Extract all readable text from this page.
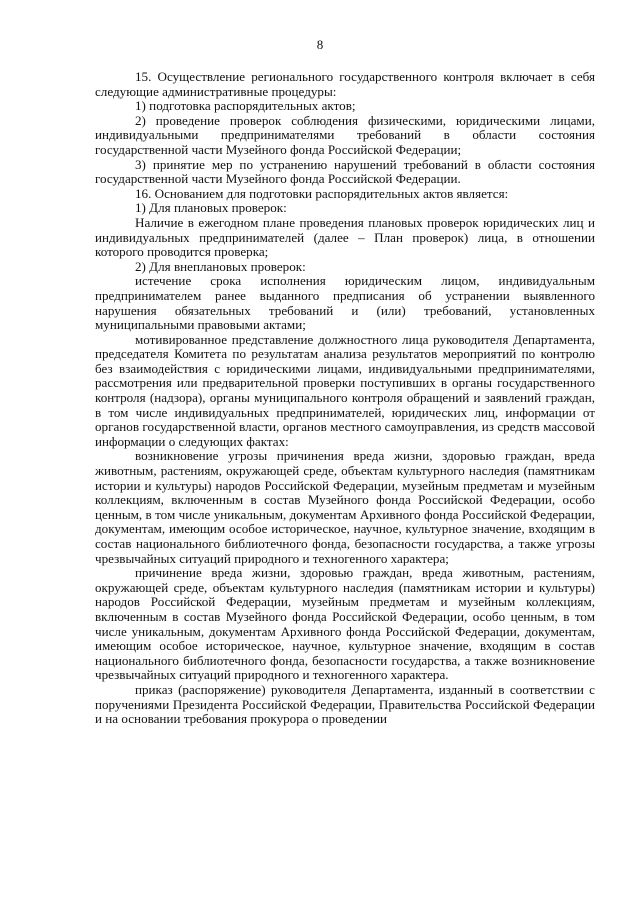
8

15. Осуществление регионального государственного контроля включает в себя следующие административные процедуры:

1) подготовка распорядительных актов;

2) проведение проверок соблюдения физическими, юридическими лицами, индивидуальными предпринимателями требований в области состояния государственной части Музейного фонда Российской Федерации;

3) принятие мер по устранению нарушений требований в области состояния государственной части Музейного фонда Российской Федерации.

16. Основанием для подготовки распорядительных актов является:

1) Для плановых проверок:

Наличие в ежегодном плане проведения плановых проверок юридических лиц и индивидуальных предпринимателей (далее – План проверок) лица, в отношении которого проводится проверка;

2) Для внеплановых проверок:

истечение срока исполнения юридическим лицом, индивидуальным предпринимателем ранее выданного предписания об устранении выявленного нарушения обязательных требований и (или) требований, установленных муниципальными правовыми актами;

мотивированное представление должностного лица руководителя Департамента, председателя Комитета по результатам анализа результатов мероприятий по контролю без взаимодействия с юридическими лицами, индивидуальными предпринимателями, рассмотрения или предварительной проверки поступивших в органы государственного контроля (надзора), органы муниципального контроля обращений и заявлений граждан, в том числе индивидуальных предпринимателей, юридических лиц, информации от органов государственной власти, органов местного самоуправления, из средств массовой информации о следующих фактах:

возникновение угрозы причинения вреда жизни, здоровью граждан, вреда животным, растениям, окружающей среде, объектам культурного наследия (памятникам истории и культуры) народов Российской Федерации, музейным предметам и музейным коллекциям, включенным в состав Музейного фонда Российской Федерации, особо ценным, в том числе уникальным, документам Архивного фонда Российской Федерации, документам, имеющим особое историческое, научное, культурное значение, входящим в состав национального библиотечного фонда, безопасности государства, а также угрозы чрезвычайных ситуаций природного и техногенного характера;

причинение вреда жизни, здоровью граждан, вреда животным, растениям, окружающей среде, объектам культурного наследия (памятникам истории и культуры) народов Российской Федерации, музейным предметам и музейным коллекциям, включенным в состав Музейного фонда Российской Федерации, особо ценным, в том числе уникальным, документам Архивного фонда Российской Федерации, документам, имеющим особое историческое, научное, культурное значение, входящим в состав национального библиотечного фонда, безопасности государства, а также возникновение чрезвычайных ситуаций природного и техногенного характера.

приказ (распоряжение) руководителя Департамента, изданный в соответствии с поручениями Президента Российской Федерации, Правительства Российской Федерации и на основании требования прокурора о проведении
